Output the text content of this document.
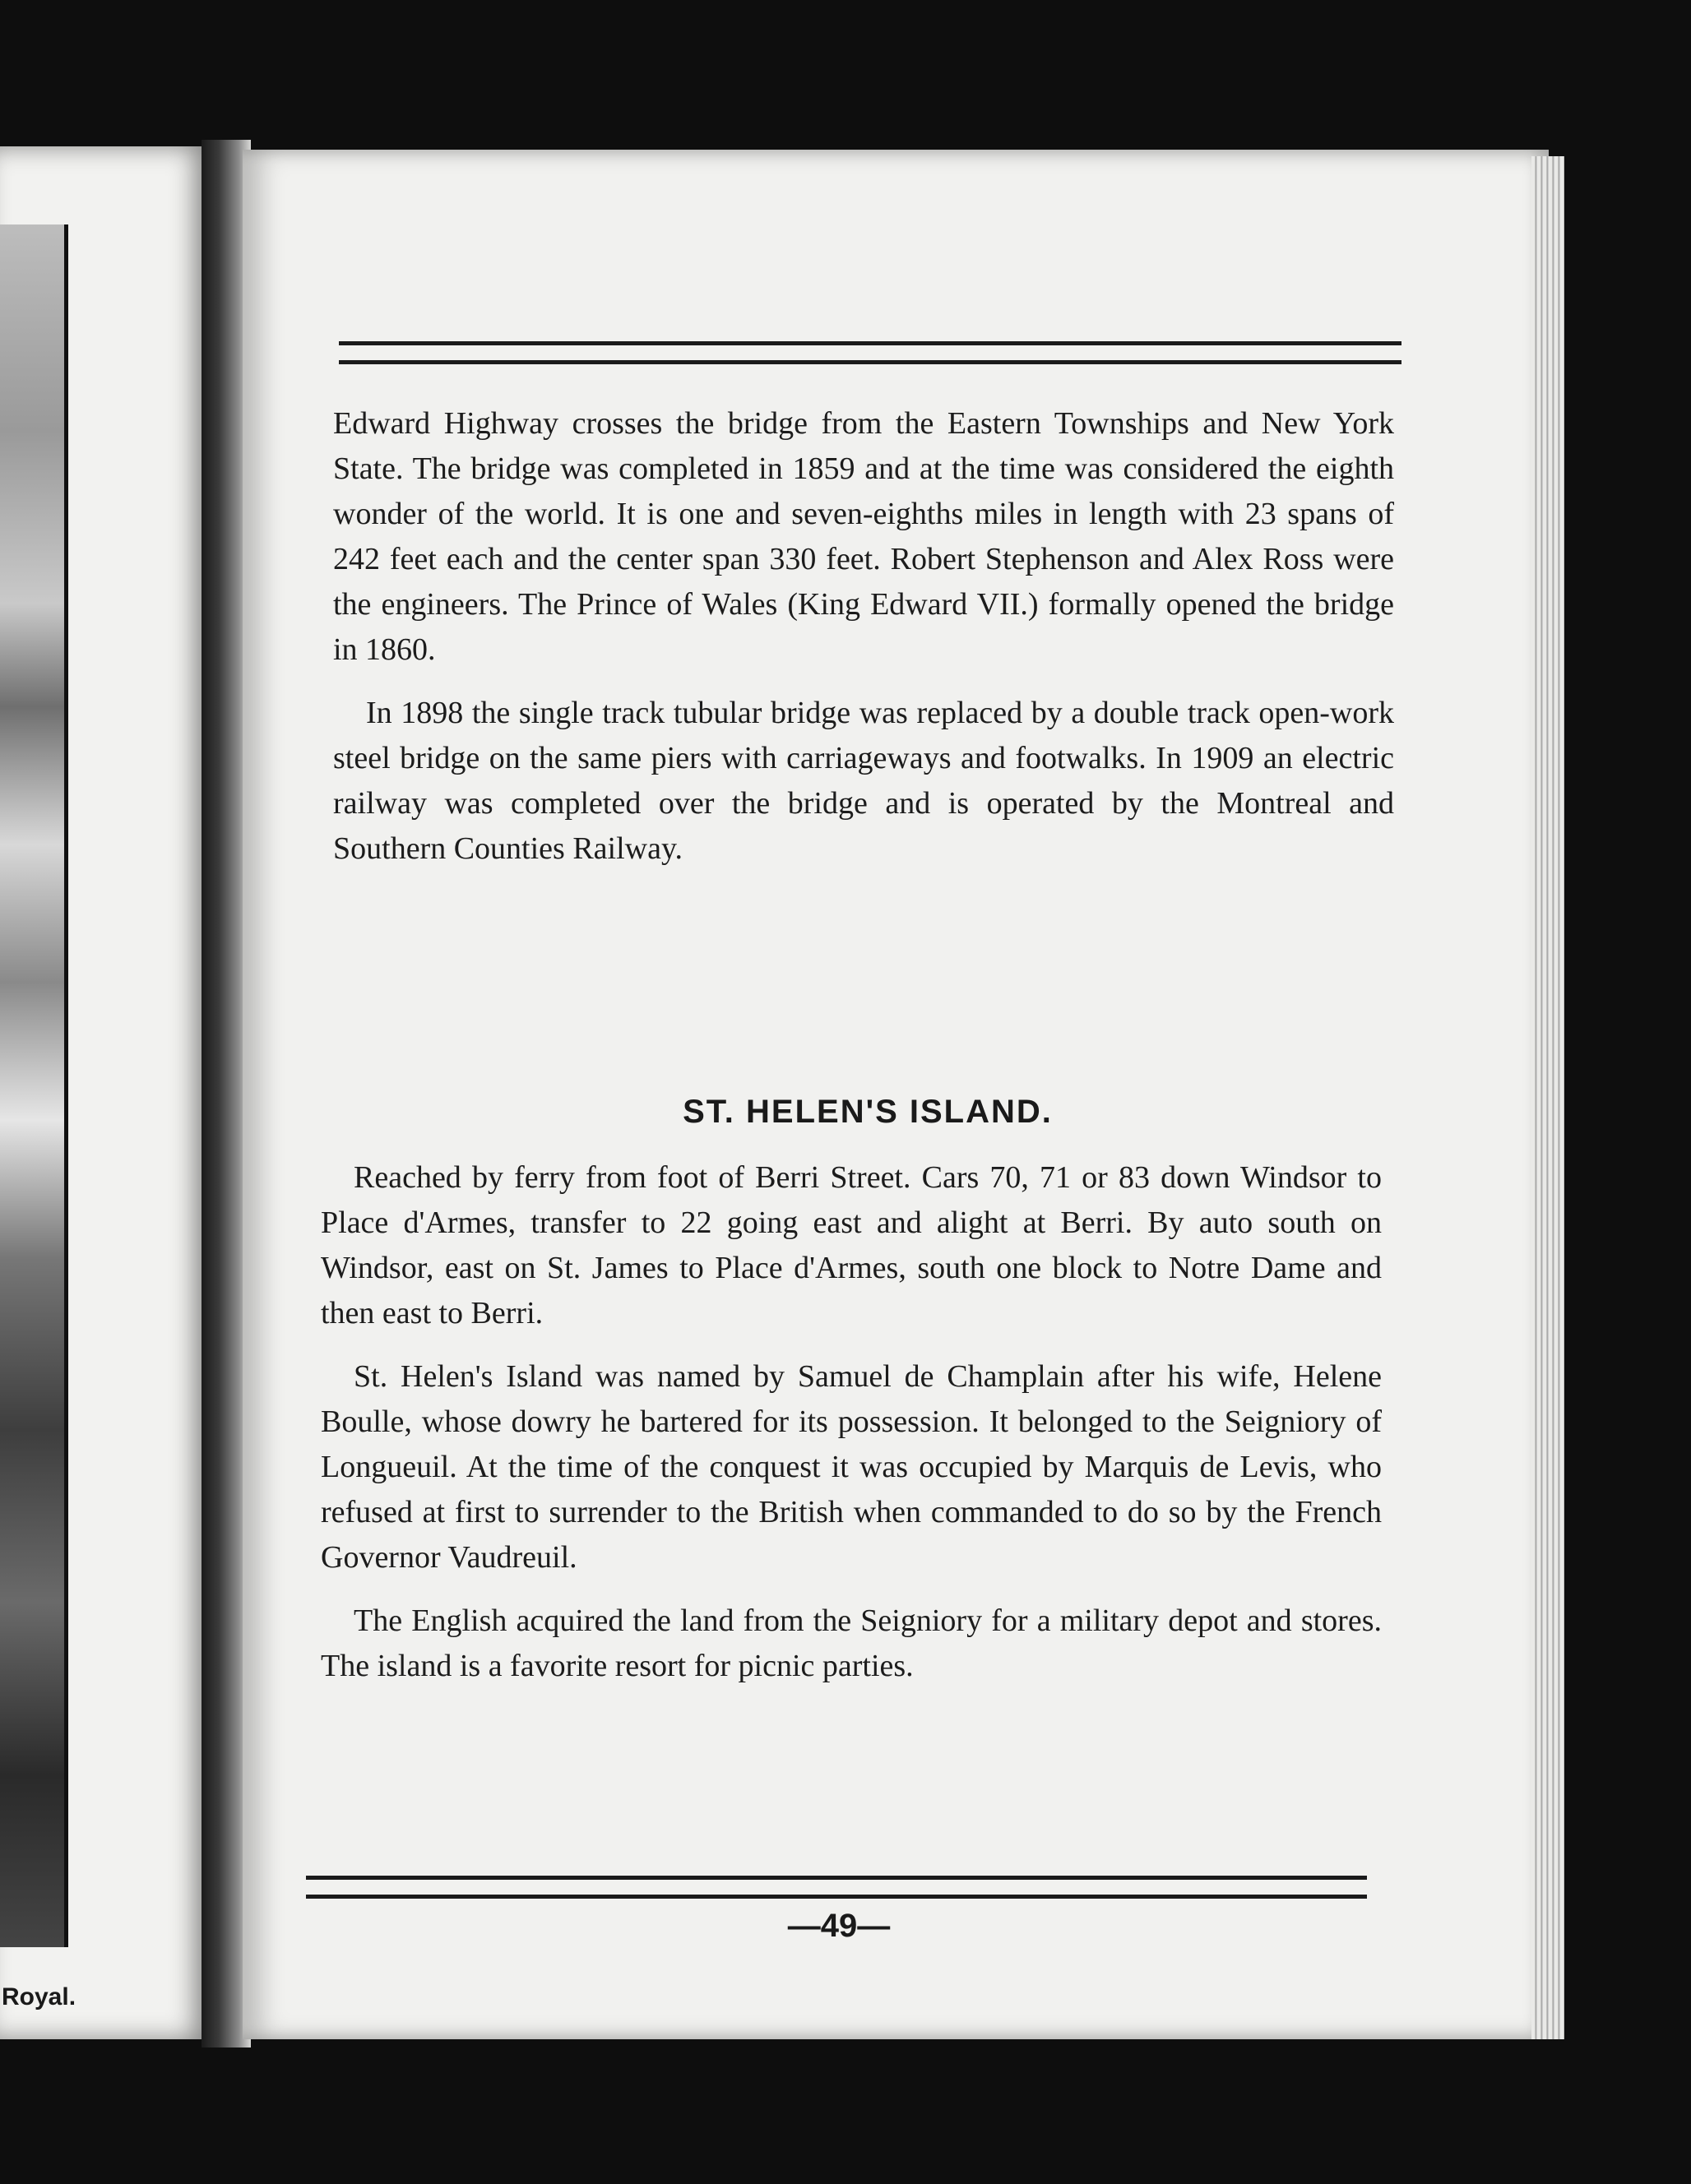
Royal.

Edward Highway crosses the bridge from the Eastern Townships and New York State. The bridge was completed in 1859 and at the time was considered the eighth wonder of the world. It is one and seven-eighths miles in length with 23 spans of 242 feet each and the center span 330 feet. Robert Stephenson and Alex Ross were the engineers. The Prince of Wales (King Edward VII.) formally opened the bridge in 1860.

In 1898 the single track tubular bridge was replaced by a double track open-work steel bridge on the same piers with carriageways and footwalks. In 1909 an electric railway was completed over the bridge and is operated by the Montreal and Southern Counties Railway.

ST. HELEN'S ISLAND.

Reached by ferry from foot of Berri Street. Cars 70, 71 or 83 down Windsor to Place d'Armes, transfer to 22 going east and alight at Berri. By auto south on Windsor, east on St. James to Place d'Armes, south one block to Notre Dame and then east to Berri.

St. Helen's Island was named by Samuel de Champlain after his wife, Helene Boulle, whose dowry he bartered for its possession. It belonged to the Seigniory of Longueuil. At the time of the conquest it was occupied by Marquis de Levis, who refused at first to surrender to the British when commanded to do so by the French Governor Vaudreuil.

The English acquired the land from the Seigniory for a military depot and stores. The island is a favorite resort for picnic parties.

—49—
